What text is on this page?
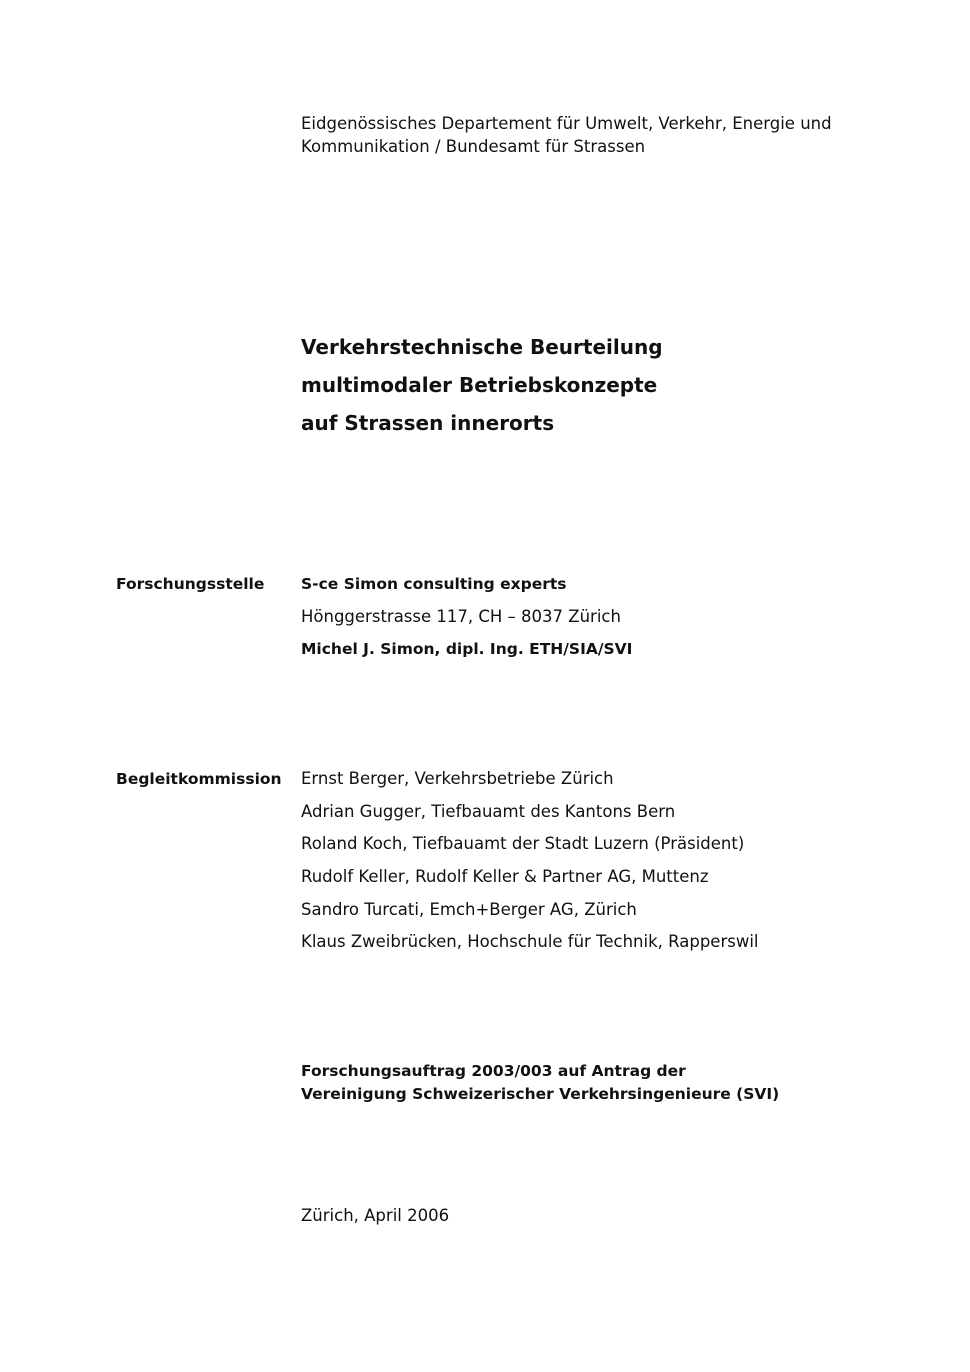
Eidgenössisches Departement für Umwelt, Verkehr, Energie und
Kommunikation / Bundesamt für Strassen
Verkehrstechnische Beurteilung
multimodaler Betriebskonzepte
auf Strassen innerorts
Forschungsstelle S-ce Simon consulting experts
Hönggerstrasse 117, CH – 8037 Zürich
Michel J. Simon, dipl. Ing. ETH/SIA/SVI
Begleitkommission Ernst Berger, Verkehrsbetriebe Zürich
Adrian Gugger, Tiefbauamt des Kantons Bern
Roland Koch, Tiefbauamt der Stadt Luzern (Präsident)
Rudolf Keller, Rudolf Keller & Partner AG, Muttenz
Sandro Turcati, Emch+Berger AG, Zürich
Klaus Zweibrücken, Hochschule für Technik, Rapperswil
Forschungsauftrag 2003/003 auf Antrag der
Vereinigung Schweizerischer Verkehrsingenieure (SVI)
Zürich, April 2006
